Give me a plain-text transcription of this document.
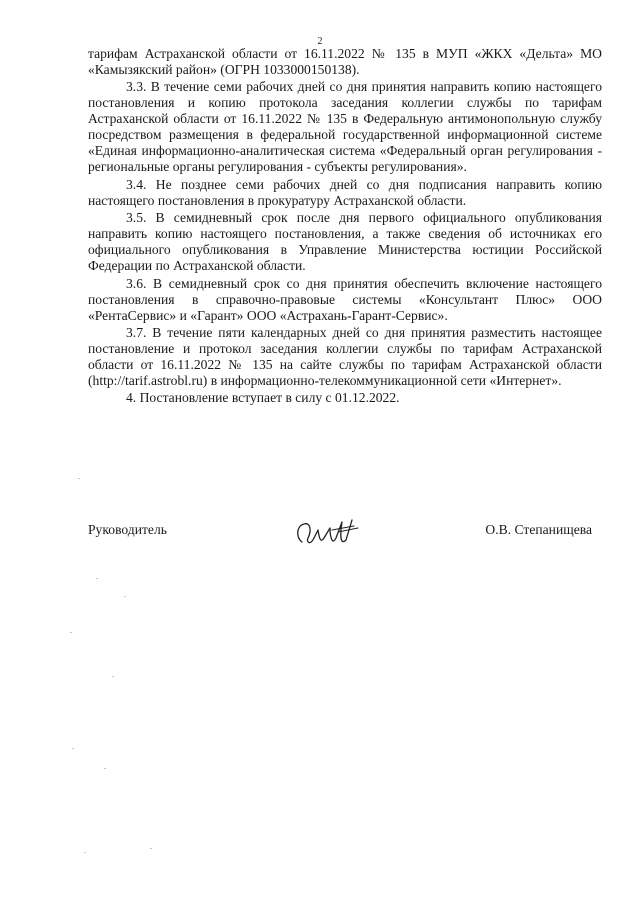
2

тарифам Астраханской области от 16.11.2022 № 135 в МУП «ЖКХ «Дельта» МО «Камызякский район» (ОГРН 1033000150138).

3.3. В течение семи рабочих дней со дня принятия направить копию настоящего постановления и копию протокола заседания коллегии службы по тарифам Астраханской области от 16.11.2022 № 135 в Федеральную антимонопольную службу посредством размещения в федеральной государственной информационной системе «Единая информационно-аналитическая система «Федеральный орган регулирования - региональные органы регулирования - субъекты регулирования».

3.4. Не позднее семи рабочих дней со дня подписания направить копию настоящего постановления в прокуратуру Астраханской области.

3.5. В семидневный срок после дня первого официального опубликования направить копию настоящего постановления, а также сведения об источниках его официального опубликования в Управление Министерства юстиции Российской Федерации по Астраханской области.

3.6. В семидневный срок со дня принятия обеспечить включение настоящего постановления в справочно-правовые системы «Консультант Плюс» ООО «РентаСервис» и «Гарант» ООО «Астрахань-Гарант-Сервис».

3.7. В течение пяти календарных дней со дня принятия разместить настоящее постановление и протокол заседания коллегии службы по тарифам Астраханской области от 16.11.2022 № 135 на сайте службы по тарифам Астраханской области (http://tarif.astrobl.ru) в информационно-телекоммуникационной сети «Интернет».

4. Постановление вступает в силу с 01.12.2022.

Руководитель	О.В. Степанищева
